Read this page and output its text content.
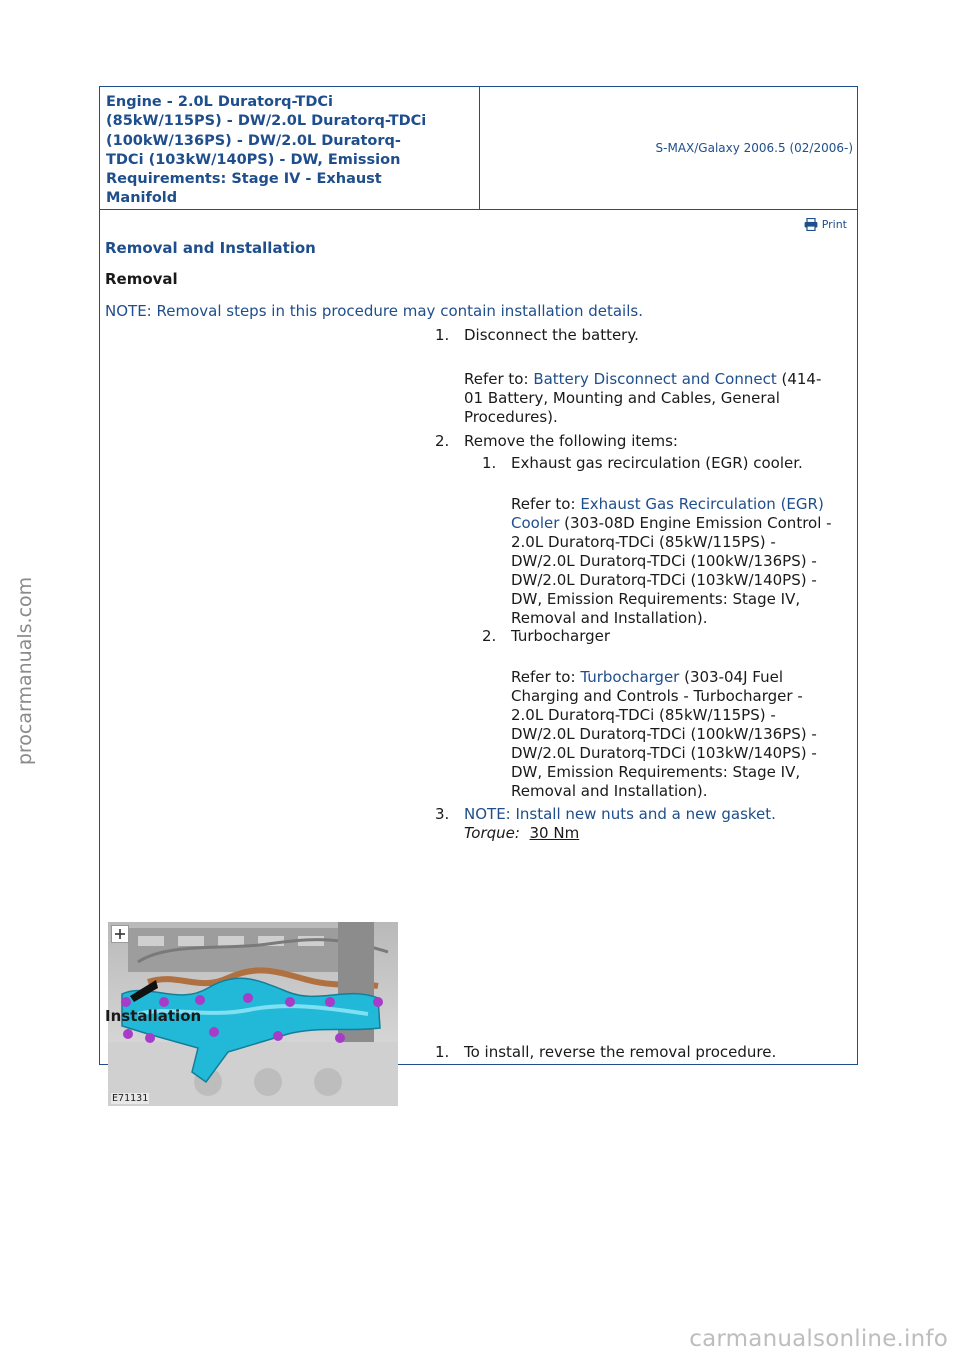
procarmanuals.com
carmanualsonline.info
Engine - 2.0L Duratorq-TDCi
(85kW/115PS) - DW/2.0L Duratorq-TDCi
(100kW/136PS) - DW/2.0L Duratorq-
TDCi (103kW/140PS) - DW, Emission
Requirements: Stage IV - Exhaust
Manifold
S-MAX/Galaxy 2006.5 (02/2006-)
Print
Removal and Installation
Removal
NOTE: Removal steps in this procedure may contain installation details.
1. Disconnect the battery.
Refer to: Battery Disconnect and Connect (414-
01 Battery, Mounting and Cables, General
Procedures).
2. Remove the following items:
1. Exhaust gas recirculation (EGR) cooler.
Refer to: Exhaust Gas Recirculation (EGR)
Cooler (303-08D Engine Emission Control -
2.0L Duratorq-TDCi (85kW/115PS) -
DW/2.0L Duratorq-TDCi (100kW/136PS) -
DW/2.0L Duratorq-TDCi (103kW/140PS) -
DW, Emission Requirements: Stage IV,
Removal and Installation).
2. Turbocharger
Refer to: Turbocharger (303-04J Fuel
Charging and Controls - Turbocharger -
2.0L Duratorq-TDCi (85kW/115PS) -
DW/2.0L Duratorq-TDCi (100kW/136PS) -
DW/2.0L Duratorq-TDCi (103kW/140PS) -
DW, Emission Requirements: Stage IV,
Removal and Installation).
E71131
3. NOTE: Install new nuts and a new gasket.
Torque: 30 Nm
Installation
1. To install, reverse the removal procedure.
